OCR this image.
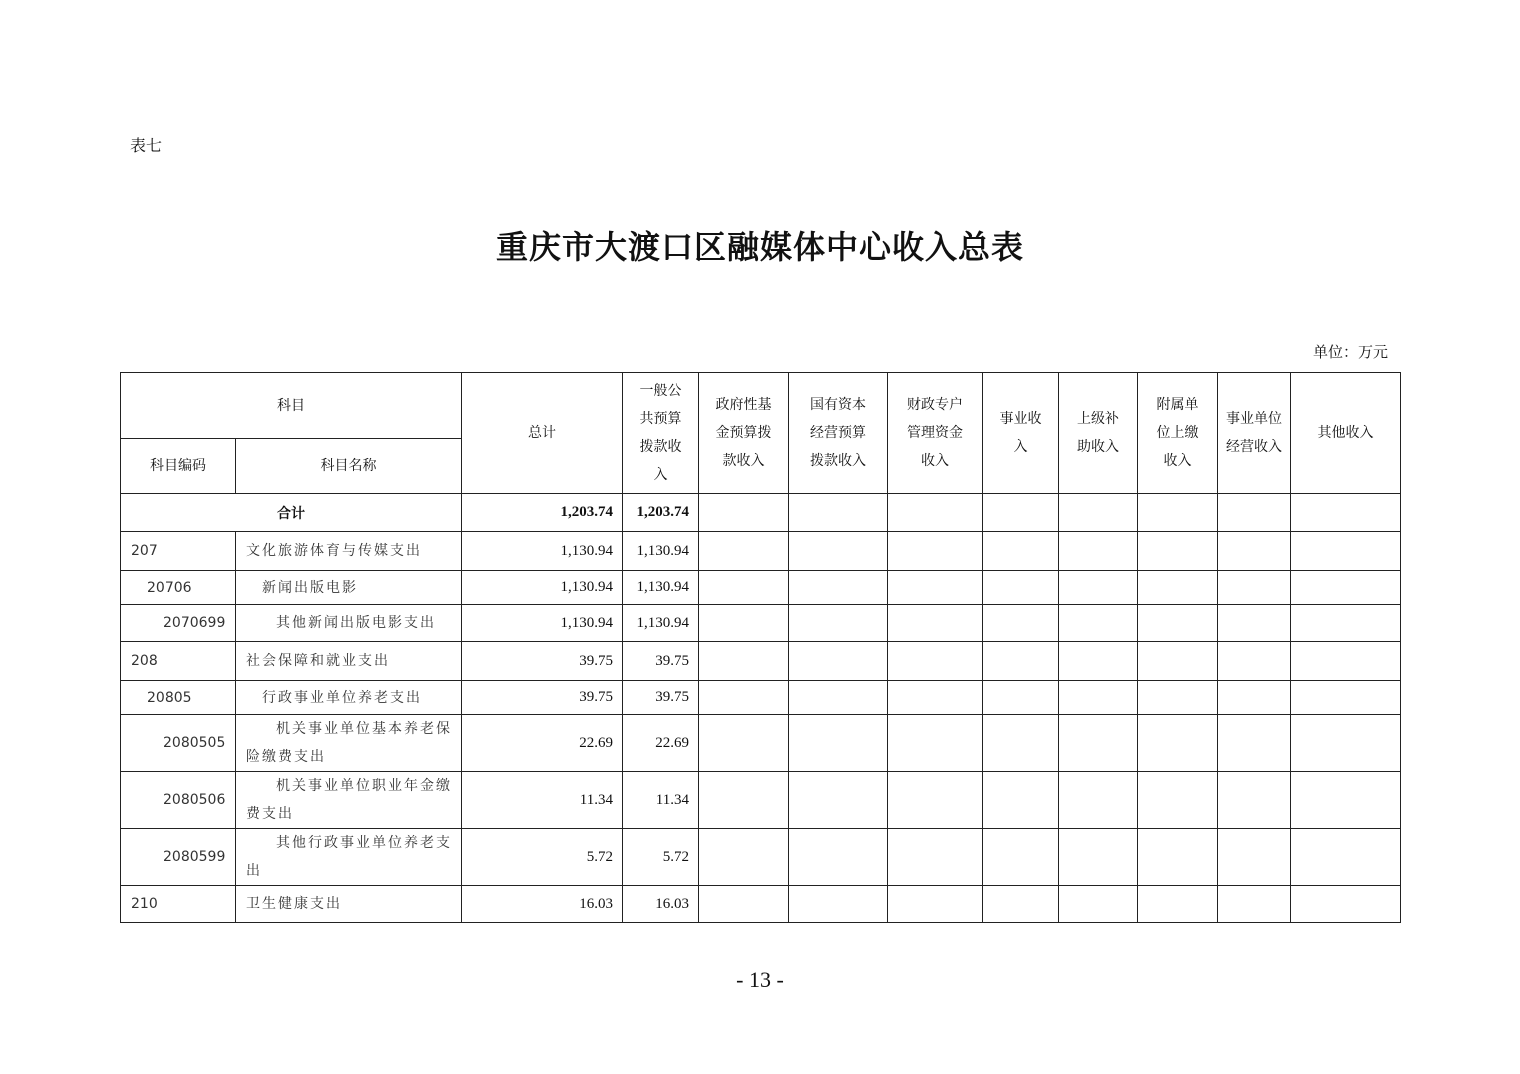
表七
重庆市大渡口区融媒体中心收入总表
单位：万元
科目		总计	一般公共预算拨款收入	政府性基金预算拨款收入	国有资本经营预算拨款收入	财政专户管理资金收入	事业收入	上级补助收入	附属单位上缴收入	事业单位经营收入	其他收入
科目编码	科目名称										
合计		1,203.74	1,203.74								
207	文化旅游体育与传媒支出	1,130.94	1,130.94								
20706	新闻出版电影	1,130.94	1,130.94								
2070699	其他新闻出版电影支出	1,130.94	1,130.94								
208	社会保障和就业支出	39.75	39.75								
20805	行政事业单位养老支出	39.75	39.75								
2080505	机关事业单位基本养老保险缴费支出	22.69	22.69								
2080506	机关事业单位职业年金缴费支出	11.34	11.34								
2080599	其他行政事业单位养老支出	5.72	5.72								
210	卫生健康支出	16.03	16.03								
- 13 -
